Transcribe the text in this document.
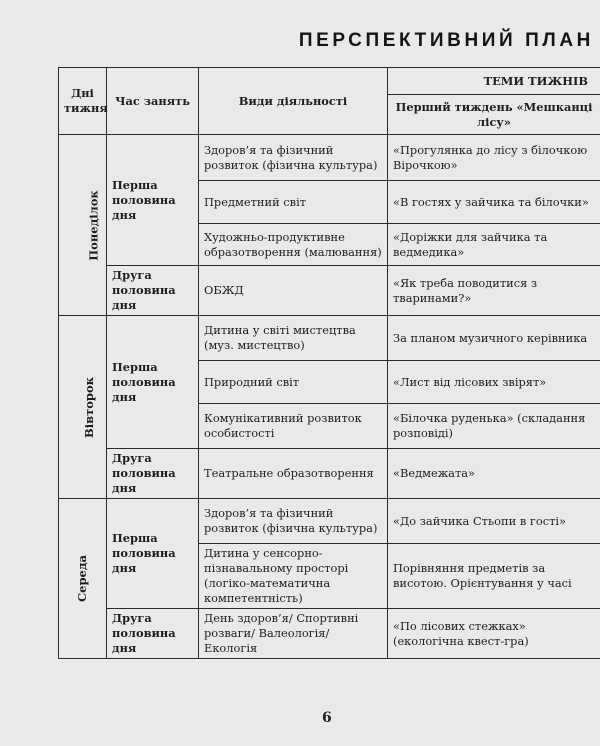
ПЕРСПЕКТИВНИЙ ПЛАН
Дні тижня	Час занять	Види діяльності	ТЕМИ ТИЖНІВ
			Перший тиждень «Мешканці лісу»
Понеділок	Перша половина дня	Здоров’я та фізичний розвиток (фізична культура)	«Прогулянка до лісу з білочкою Вірочкою»
		Предметний світ	«В гостях у зайчика та білочки»
		Художньо-продуктивне образотворення (малювання)	«Доріжки для зайчика та ведмедика»
	Друга половина дня	ОБЖД	«Як треба поводитися з тваринами?»
Вівторок	Перша половина дня	Дитина у світі мистецтва (муз. мистецтво)	За планом музичного керівника
		Природний світ	«Лист від лісових звірят»
		Комунікативний розвиток особистості	«Білочка руденька» (складання розповіді)
	Друга половина дня	Театральне образотворення	«Ведмежата»
Середа	Перша половина дня	Здоров’я та фізичний розвиток (фізична культура)	«До зайчика Стьопи в гості»
		Дитина у сенсорно-пізнавальному просторі (логіко-математична компетентність)	Порівняння предметів за висотою. Орієнтування у часі
	Друга половина дня	День здоров’я/ Спортивні розваги/ Валеологія/ Екологія	«По лісових стежках» (екологічна квест-гра)
6
